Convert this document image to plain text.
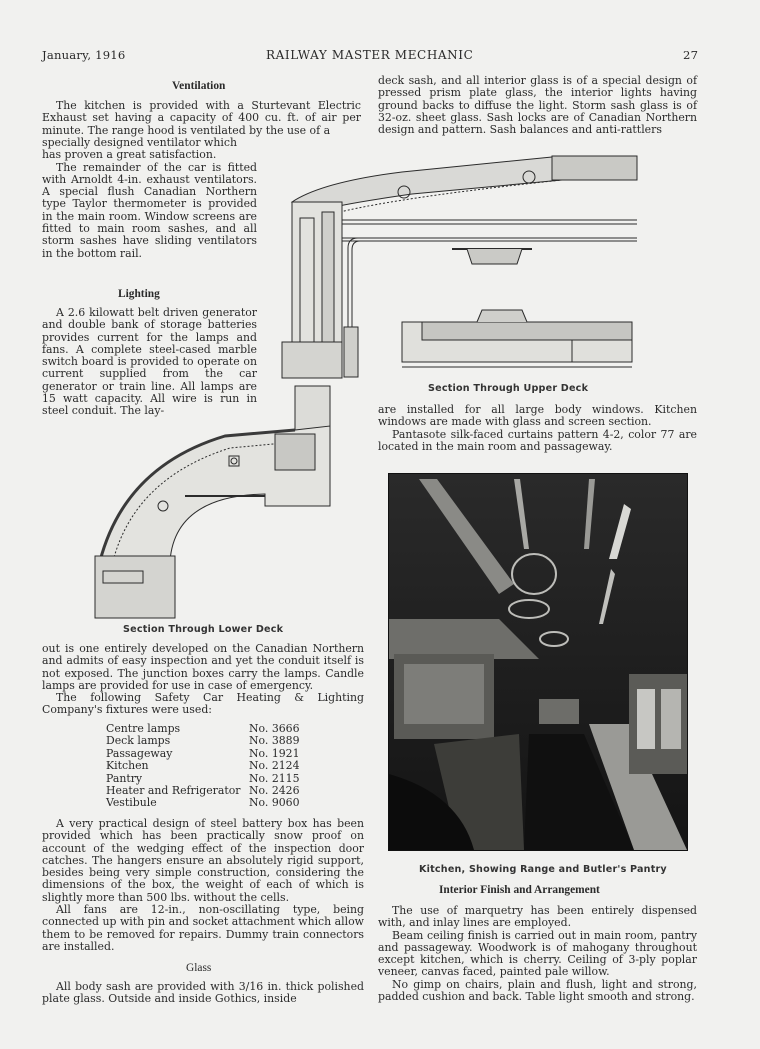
January, 1916	RAILWAY MASTER MECHANIC	27
Ventilation

The kitchen is provided with a Sturtevant Electric Exhaust set having a capacity of 400 cu. ft. of air per minute. The range hood is ventilated by the use of a

specially designed ventilator which has proven a great satisfaction.

The remainder of the car is fitted with Arnoldt 4-in. exhaust ventilators. A special flush Canadian Northern type Taylor thermometer is provided in the main room. Window screens are fitted to main room sashes, and all storm sashes have sliding ventilators in the bottom rail.

Lighting

A 2.6 kilowatt belt driven generator and double bank of storage batteries provides current for the lamps and fans. A complete steel-cased marble switch board is provided to operate on current supplied from the car generator or train line. All lamps are 15 watt capacity. All wire is run in steel conduit. The lay-

deck sash, and all interior glass is of a special design of pressed prism plate glass, the interior lights having ground backs to diffuse the light. Storm sash glass is of 32-oz. sheet glass. Sash locks are of Canadian Northern design and pattern. Sash balances and anti-rattlers

Section Through Upper Deck

are installed for all large body windows. Kitchen windows are made with glass and screen section.

Pantasote silk-faced curtains pattern 4-2, color 77 are located in the main room and passageway.

Section Through Lower Deck

out is one entirely developed on the Canadian Northern and admits of easy inspection and yet the conduit itself is not exposed. The junction boxes carry the lamps. Candle lamps are provided for use in case of emergency.

The following Safety Car Heating & Lighting Company's fixtures were used:

Centre lamps	No. 3666
Deck lamps	No. 3889
Passageway	No. 1921
Kitchen	No. 2124
Pantry	No. 2115
Heater and Refrigerator No. 2426
Vestibule	No. 9060

A very practical design of steel battery box has been provided which has been practically snow proof on account of the wedging effect of the inspection door catches. The hangers ensure an absolutely rigid support, besides being very simple construction, considering the dimensions of the box, the weight of each of which is slightly more than 500 lbs. without the cells.

All fans are 12-in., non-oscillating type, being connected up with pin and socket attachment which allow them to be removed for repairs. Dummy train connectors are installed.

Glass

All body sash are provided with 3/16 in. thick polished plate glass. Outside and inside Gothics, inside

Kitchen, Showing Range and Butler's Pantry
Interior Finish and Arrangement

The use of marquetry has been entirely dispensed with, and inlay lines are employed.

Beam ceiling finish is carried out in main room, pantry and passageway. Woodwork is of mahogany throughout except kitchen, which is cherry. Ceiling of 3-ply poplar veneer, canvas faced, painted pale willow.

No gimp on chairs, plain and flush, light and strong, padded cushion and back. Table light smooth and strong.
